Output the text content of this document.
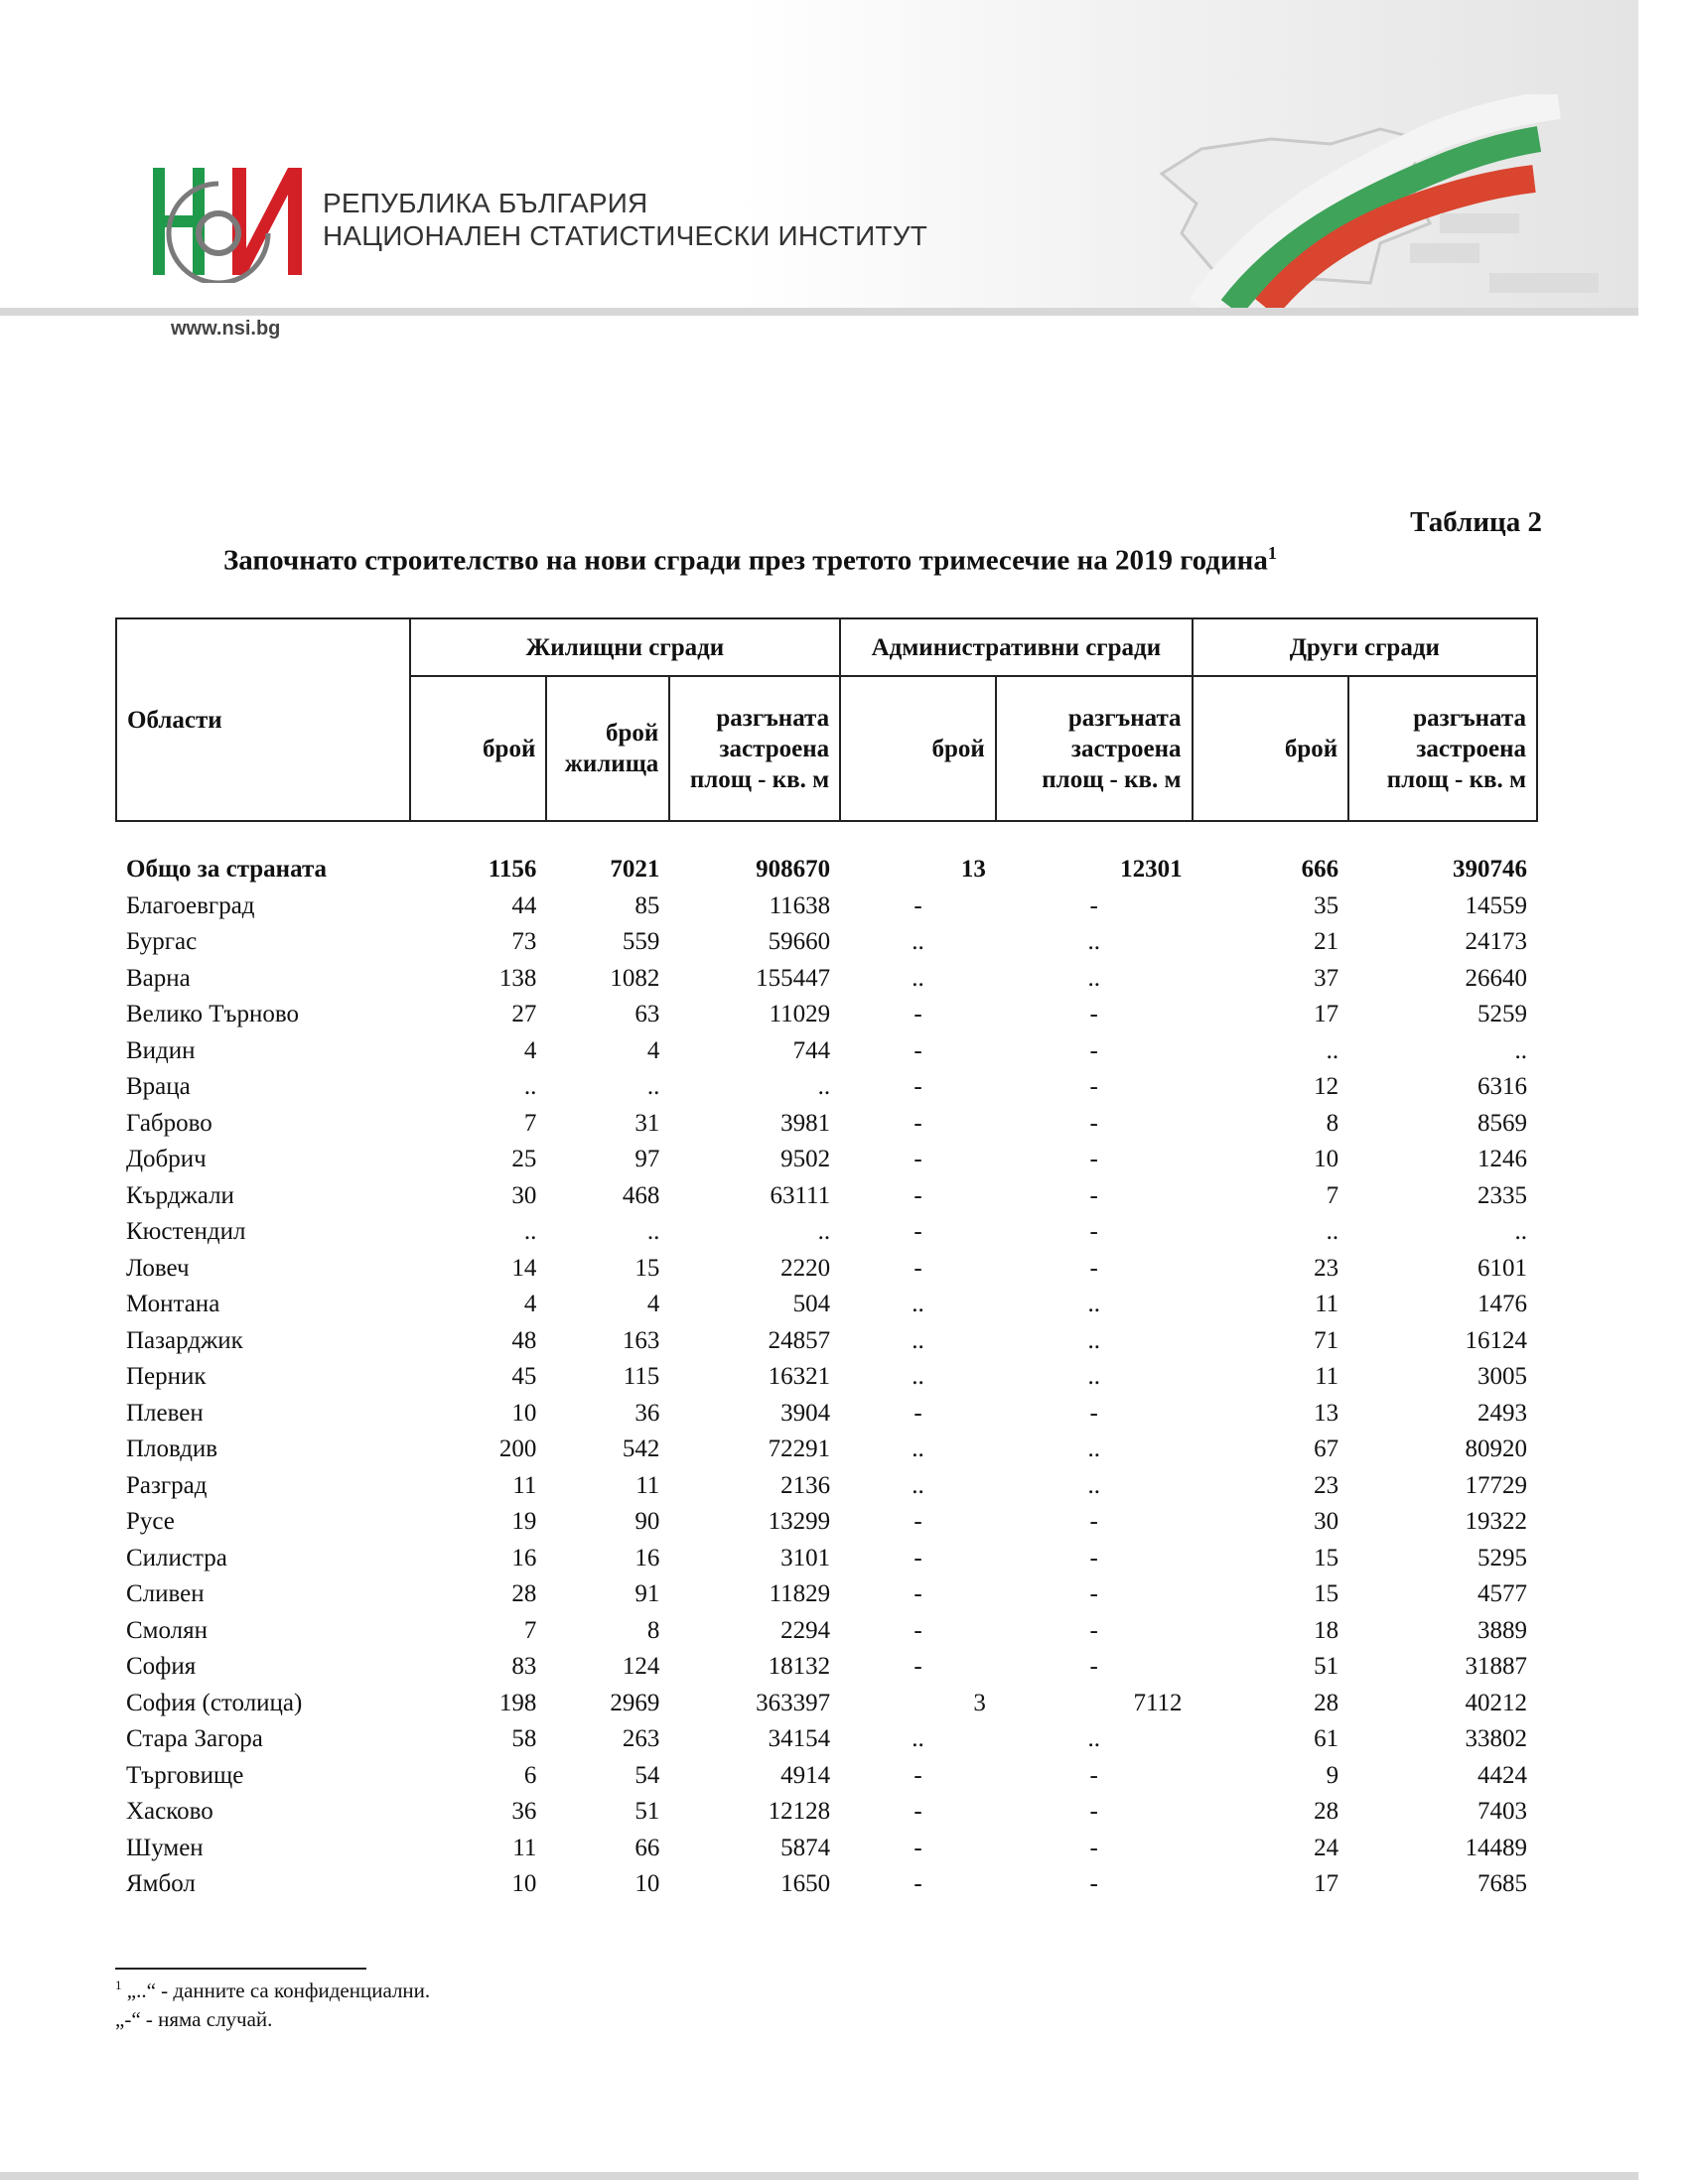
РЕПУБЛИКА БЪЛГАРИЯ
НАЦИОНАЛЕН СТАТИСТИЧЕСКИ ИНСТИТУТ
www.nsi.bg
Таблица 2
Започнато строителство на нови сгради през третото тримесечие на 2019 година$^1$
Области	Жилищни сгради			Административни сгради		Други сгради	
	брой	брой жилища	разгъната застроена площ - кв. м	брой	разгъната застроена площ - кв. м	брой	разгъната застроена площ - кв. м

Общо за страната	1156	7021	908670	13	12301	666	390746
Благоевград	44	85	11638	-	-	35	14559
Бургас	73	559	59660	..	..	21	24173
Варна	138	1082	155447	..	..	37	26640
Велико Търново	27	63	11029	-	-	17	5259
Видин	4	4	744	-	-	..	..
Враца	..	..	..	-	-	12	6316
Габрово	7	31	3981	-	-	8	8569
Добрич	25	97	9502	-	-	10	1246
Кърджали	30	468	63111	-	-	7	2335
Кюстендил	..	..	..	-	-	..	..
Ловеч	14	15	2220	-	-	23	6101
Монтана	4	4	504	..	..	11	1476
Пазарджик	48	163	24857	..	..	71	16124
Перник	45	115	16321	..	..	11	3005
Плевен	10	36	3904	-	-	13	2493
Пловдив	200	542	72291	..	..	67	80920
Разград	11	11	2136	..	..	23	17729
Русе	19	90	13299	-	-	30	19322
Силистра	16	16	3101	-	-	15	5295
Сливен	28	91	11829	-	-	15	4577
Смолян	7	8	2294	-	-	18	3889
София	83	124	18132	-	-	51	31887
София (столица)	198	2969	363397	3	7112	28	40212
Стара Загора	58	263	34154	..	..	61	33802
Търговище	6	54	4914	-	-	9	4424
Хасково	36	51	12128	-	-	28	7403
Шумен	11	66	5874	-	-	24	14489
Ямбол	10	10	1650	-	-	17	7685
$^1$ „..“ - данните са конфиденциални.
„-“ - няма случай.
